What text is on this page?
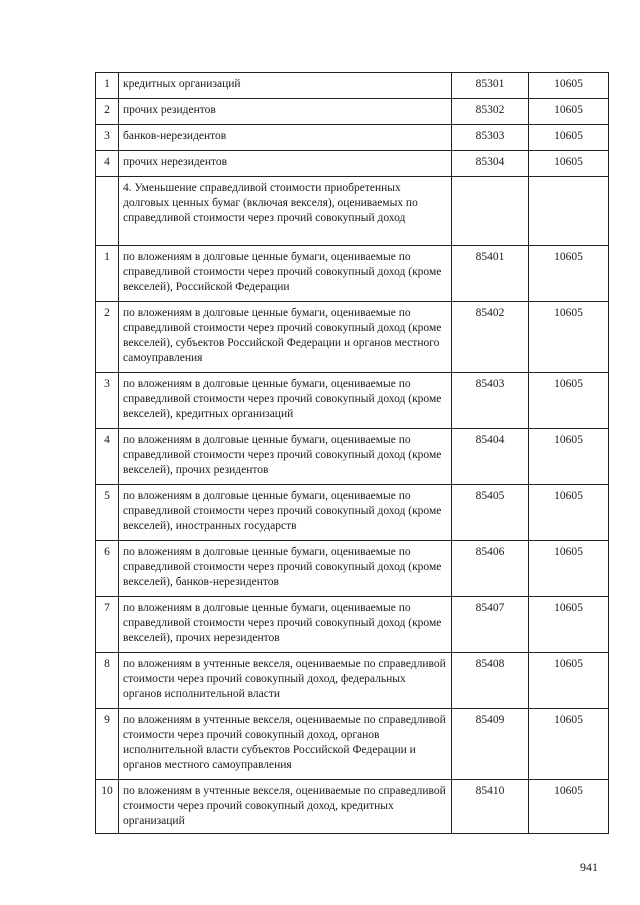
1	кредитных организаций	85301	10605
2	прочих резидентов	85302	10605
3	банков-нерезидентов	85303	10605
4	прочих нерезидентов	85304	10605
	4. Уменьшение справедливой стоимости приобретенных долговых ценных бумаг (включая векселя), оцениваемых по справедливой стоимости через прочий совокупный доход		
1	по вложениям в долговые ценные бумаги, оцениваемые по справедливой стоимости через прочий совокупный доход (кроме векселей), Российской Федерации	85401	10605
2	по вложениям в долговые ценные бумаги, оцениваемые по справедливой стоимости через прочий совокупный доход (кроме векселей), субъектов Российской Федерации и органов местного самоуправления	85402	10605
3	по вложениям в долговые ценные бумаги, оцениваемые по справедливой стоимости через прочий совокупный доход (кроме векселей), кредитных организаций	85403	10605
4	по вложениям в долговые ценные бумаги, оцениваемые по справедливой стоимости через прочий совокупный доход (кроме векселей), прочих резидентов	85404	10605
5	по вложениям в долговые ценные бумаги, оцениваемые по справедливой стоимости через прочий совокупный доход (кроме векселей), иностранных государств	85405	10605
6	по вложениям в долговые ценные бумаги, оцениваемые по справедливой стоимости через прочий совокупный доход (кроме векселей), банков-нерезидентов	85406	10605
7	по вложениям в долговые ценные бумаги, оцениваемые по справедливой стоимости через прочий совокупный доход (кроме векселей), прочих нерезидентов	85407	10605
8	по вложениям в учтенные векселя, оцениваемые по справедливой стоимости через прочий совокупный доход, федеральных органов исполнительной власти	85408	10605
9	по вложениям в учтенные векселя, оцениваемые по справедливой стоимости через прочий совокупный доход, органов исполнительной власти субъектов Российской Федерации и органов местного самоуправления	85409	10605
10	по вложениям в учтенные векселя, оцениваемые по справедливой стоимости через прочий совокупный доход, кредитных организаций	85410	10605
941
